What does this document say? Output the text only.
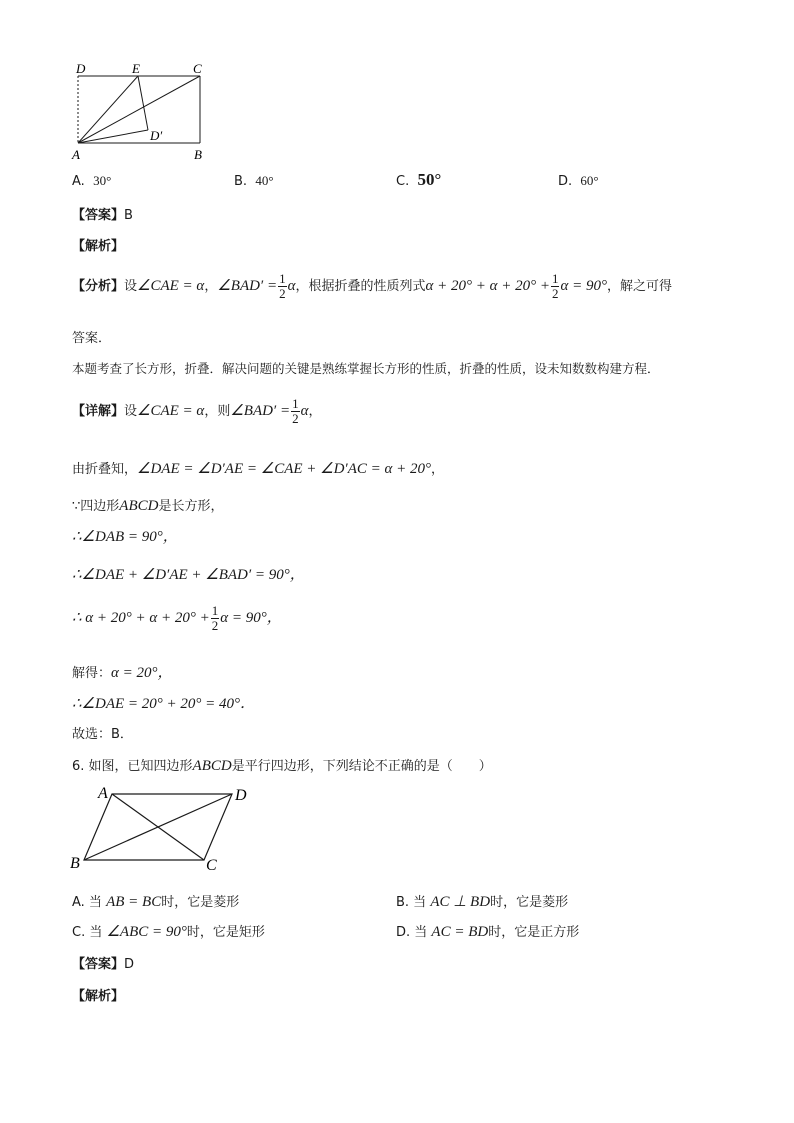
D	E	C
A	B
D′
A. 30°	B. 40°	C. 50°	D. 60°
【答案】B
【解析】
【分析】设∠CAE = α，∠BAD′ = $\frac{1}{2}$ α，根据折叠的性质列式$\alpha + 20^\circ + \alpha + 20^\circ + \frac{1}{2}$ α = 90°，解之可得
答案．
本题考查了长方形，折叠．解决问题的关键是熟练掌握长方形的性质，折叠的性质，设未知数数构建方程．
【详解】设∠CAE = α，则∠BAD′ = $\frac{1}{2}$ α，
由折叠知，∠DAE = ∠D′AE = ∠CAE + ∠D′AC = α + 20°，
∵四边形ABCD是长方形，
∴∠DAB = 90°，
∴∠DAE + ∠D′AE + ∠BAD′ = 90°，
∴ $\alpha + 20^\circ + \alpha + 20^\circ + \frac{1}{2}$ α = 90°，
解得：α = 20°，
∴∠DAE = 20° + 20° = 40°．
故选：B．
6. 如图，已知四边形ABCD是平行四边形，下列结论不正确的是（　　）
A	D
B	C
A. 当 AB = BC时，它是菱形	B. 当 AC ⊥ BD时，它是菱形
C. 当 ∠ABC = 90°时，它是矩形	D. 当 AC = BD时，它是正方形
【答案】D
【解析】
